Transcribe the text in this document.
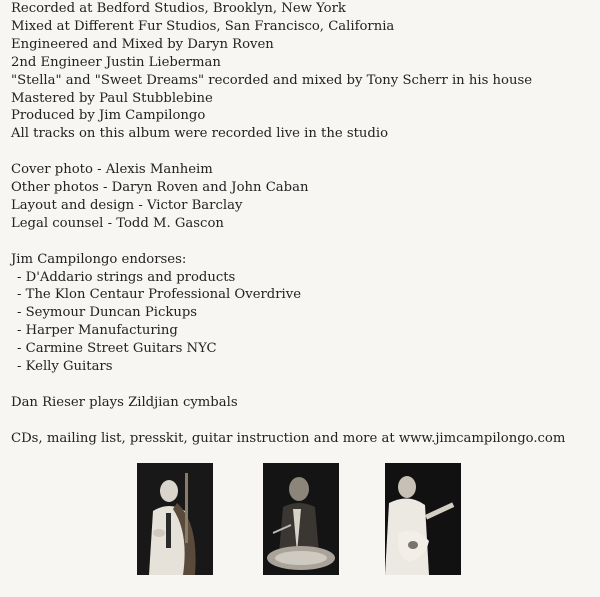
Recorded at Bedford Studios, Brooklyn, New York
Mixed at Different Fur Studios, San Francisco, California
Engineered and Mixed by Daryn Roven
2nd Engineer Justin Lieberman
"Stella" and "Sweet Dreams" recorded and mixed by Tony Scherr in his house
Mastered by Paul Stubblebine
Produced by Jim Campilongo
All tracks on this album were recorded live in the studio
Cover photo - Alexis Manheim
Other photos - Daryn Roven and John Caban
Layout and design - Victor Barclay
Legal counsel - Todd M. Gascon
Jim Campilongo endorses:
- D'Addario strings and products
- The Klon Centaur Professional Overdrive
- Seymour Duncan Pickups
- Harper Manufacturing
- Carmine Street Guitars NYC
- Kelly Guitars
Dan Rieser plays Zildjian cymbals
CDs, mailing list, presskit, guitar instruction and more at www.jimcampilongo.com
